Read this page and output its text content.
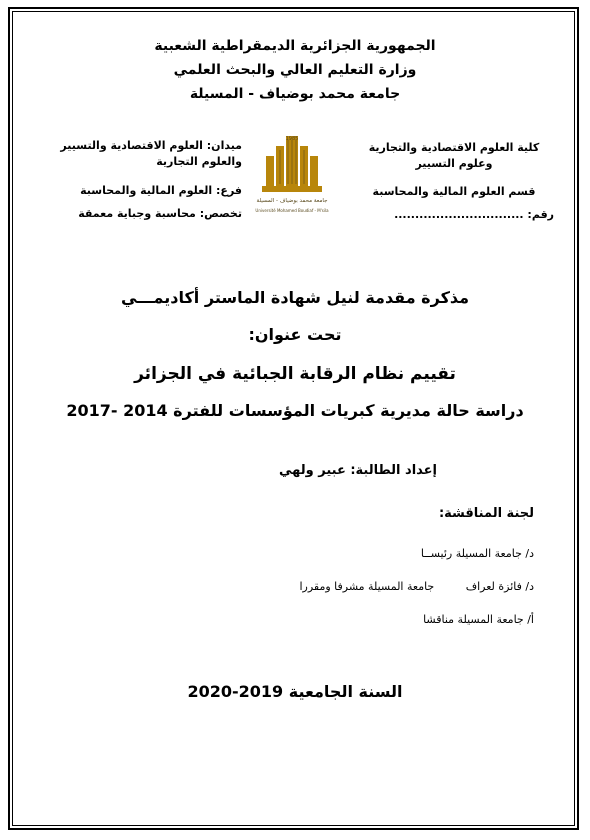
الجمهورية الجزائرية الديمقراطية الشعبية
وزارة التعليم العالي والبحث العلمي
جامعة محمد بوضياف - المسيلة
كلية العلوم الاقتصادية والتجارية وعلوم التسيير
قسم العلوم المالية والمحاسبة
رقم: ...............................
ميدان: العلوم الاقتصادية والتسيير والعلوم التجارية
فرع: العلوم المالية والمحاسبة
تخصص: محاسبة وجباية معمقة
1985
جامعة محمد بوضياف - المسيلة
Université Mohamed Boudiaf - M'sila
مذكرة مقدمة لنيل شهادة الماستر أكاديمـــي
تحت عنوان:
تقييم نظام الرقابة الجبائية في الجزائر
دراسة حالة مديرية كبريات المؤسسات للفترة 2014 -2017
إعداد الطالبة: عبير ولهي
لجنة المناقشة:
د/ جامعة المسيلة رئيســا
د/ فائزة لعراف         جامعة المسيلة مشرفا ومقررا
أ/ جامعة المسيلة مناقشا
السنة الجامعية 2019-2020
